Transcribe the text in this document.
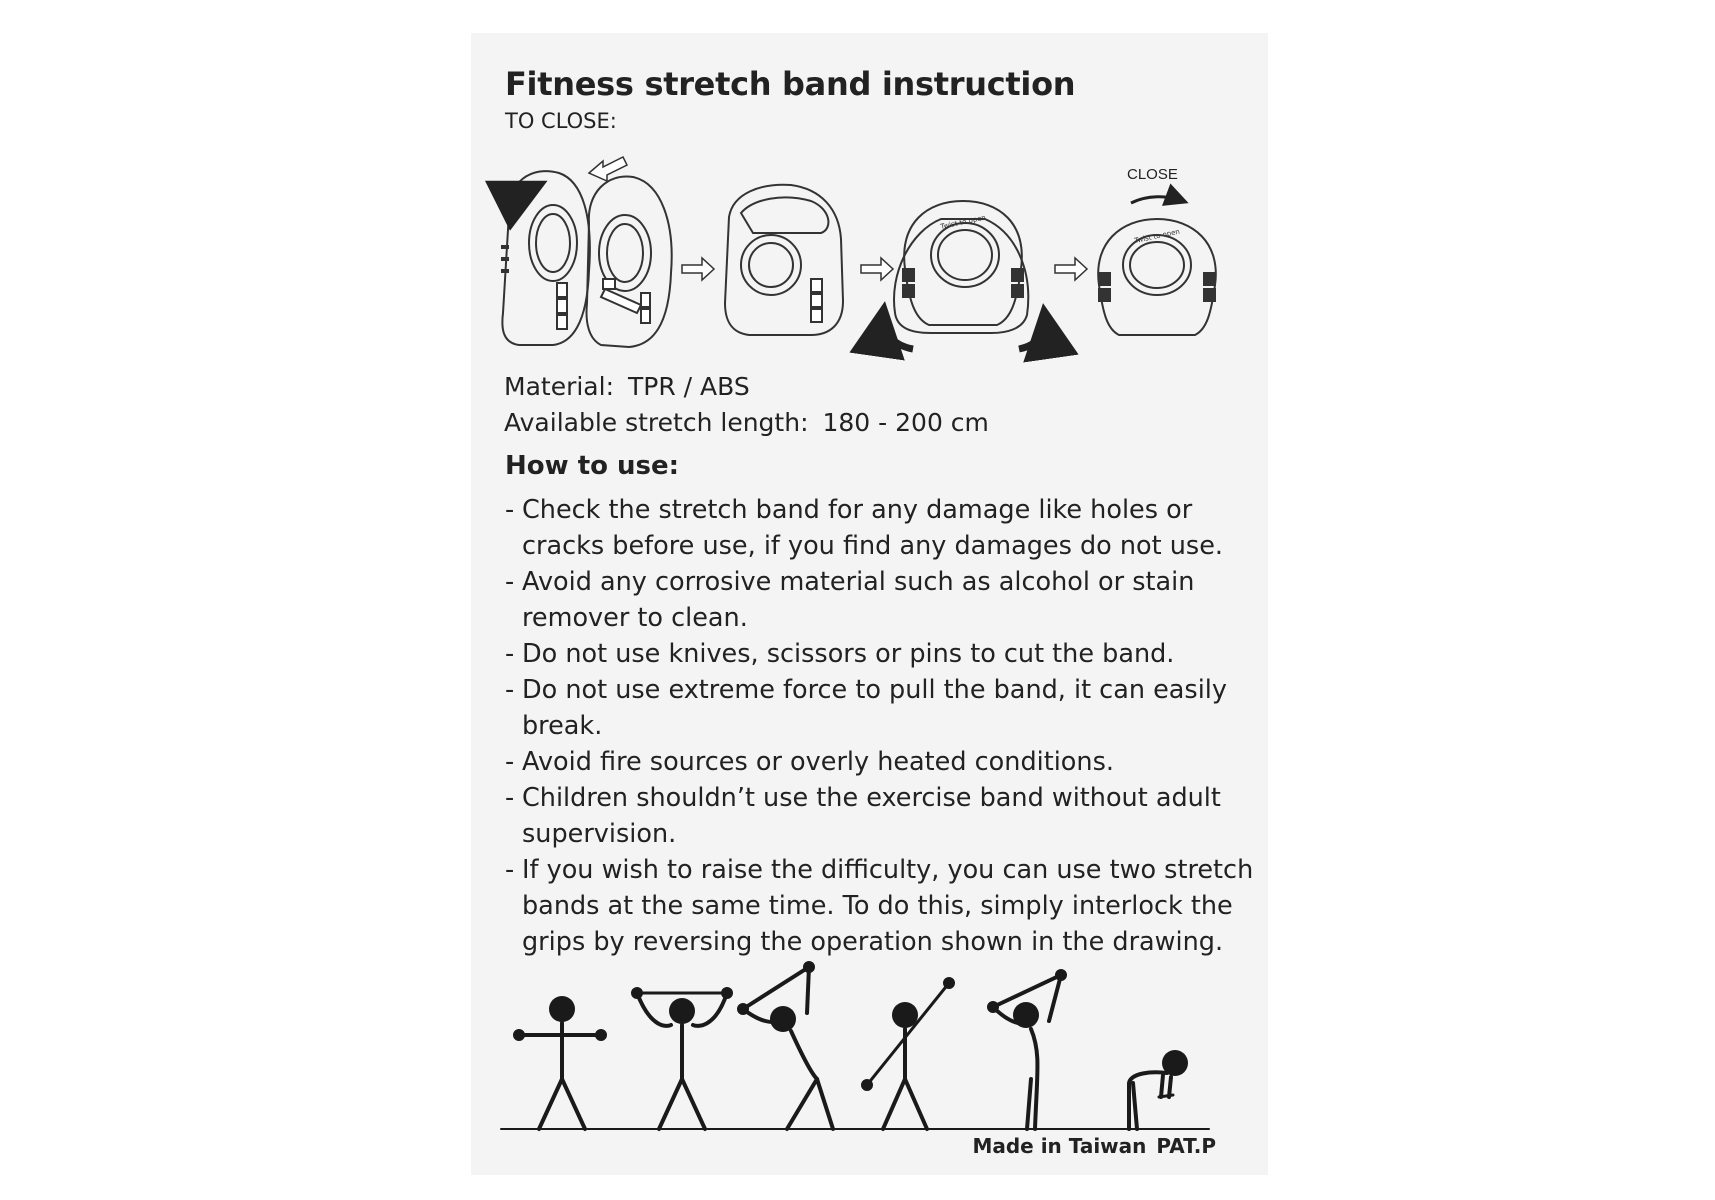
Fitness stretch band instruction
TO CLOSE:
CLOSE
Twist to open
Twist to open
Material: TPR / ABS
Available stretch length: 180 - 200 cm
How to use:
- Check the stretch band for any damage like holes or cracks before use, if you find any damages do not use.
- Avoid any corrosive material such as alcohol or stain remover to clean.
- Do not use knives, scissors or pins to cut the band.
- Do not use extreme force to pull the band, it can easily break.
- Avoid fire sources or overly heated conditions.
- Children shouldn’t use the exercise band without adult supervision.
- If you wish to raise the difficulty, you can use two stretch bands at the same time. To do this, simply interlock the grips by reversing the operation shown in the drawing.
Made in Taiwan PAT.P
